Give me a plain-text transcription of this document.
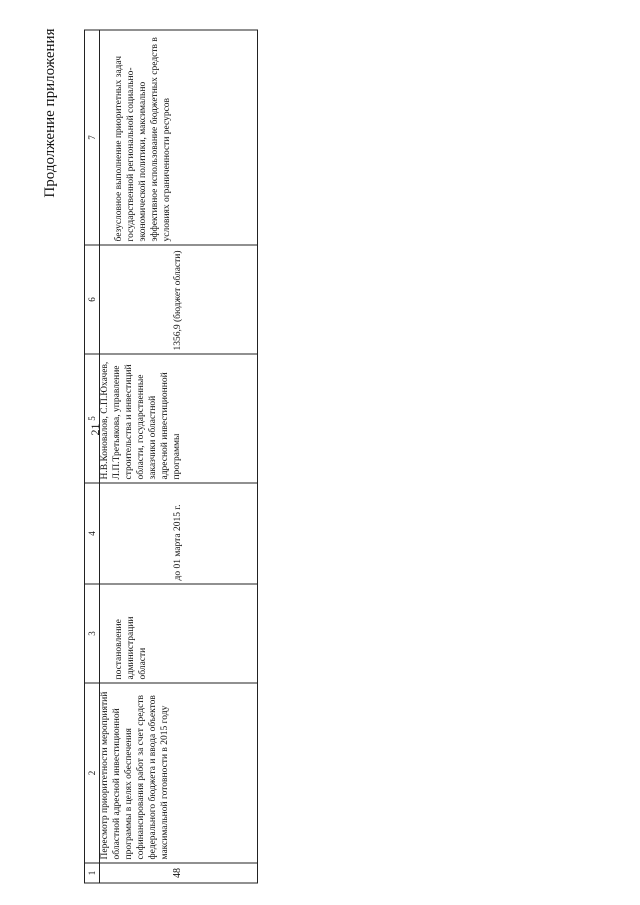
Продолжение приложения
21
1
2
3
4
5
6
7
48
Пересмотр приоритетности мероприятий областной адресной инвестиционной программы в целях обеспечения софинансирования работ за счет средств федерального бюджета и ввода объектов максимальной готовности в 2015 году
постановление администрации области
до 01 марта 2015 г.
Н.В.Коновалов, С.П.Юхачев, Л.П.Третьякова, управление строительства и инвестиций области, государственные заказчики областной адресной инвестиционной программы
1356,9 (бюджет области)
безусловное выполнение приоритетных задач государственной региональной социально-экономической политики, максимально эффективное использование бюджетных средств в условиях ограниченности ресурсов
